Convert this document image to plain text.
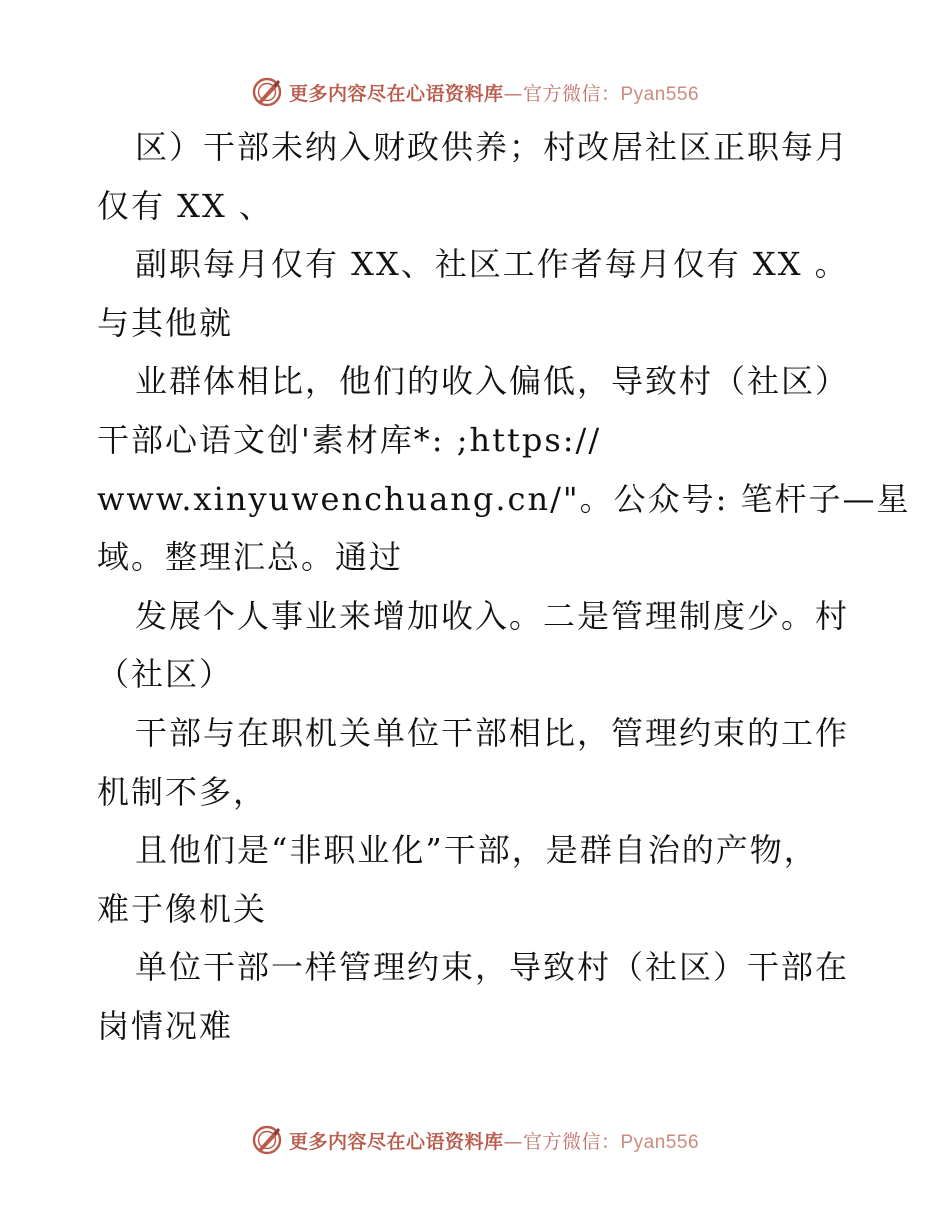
更多内容尽在心语资料库—官方微信：Pyan556
区）干部未纳入财政供养；村改居社区正职每月
仅有 XX 、
副职每月仅有 XX、社区工作者每月仅有 XX 。
与其他就
业群体相比，他们的收入偏低，导致村（社区）
干部心语文创'素材库*: ;https://
www.xinyuwenchuang.cn/"。公众号: 笔杆子—星
域。整理汇总。通过
发展个人事业来增加收入。二是管理制度少。村
（社区）
干部与在职机关单位干部相比，管理约束的工作
机制不多，
且他们是“非职业化”干部，是群自治的产物，
难于像机关
单位干部一样管理约束，导致村（社区）干部在
岗情况难
更多内容尽在心语资料库—官方微信：Pyan556
